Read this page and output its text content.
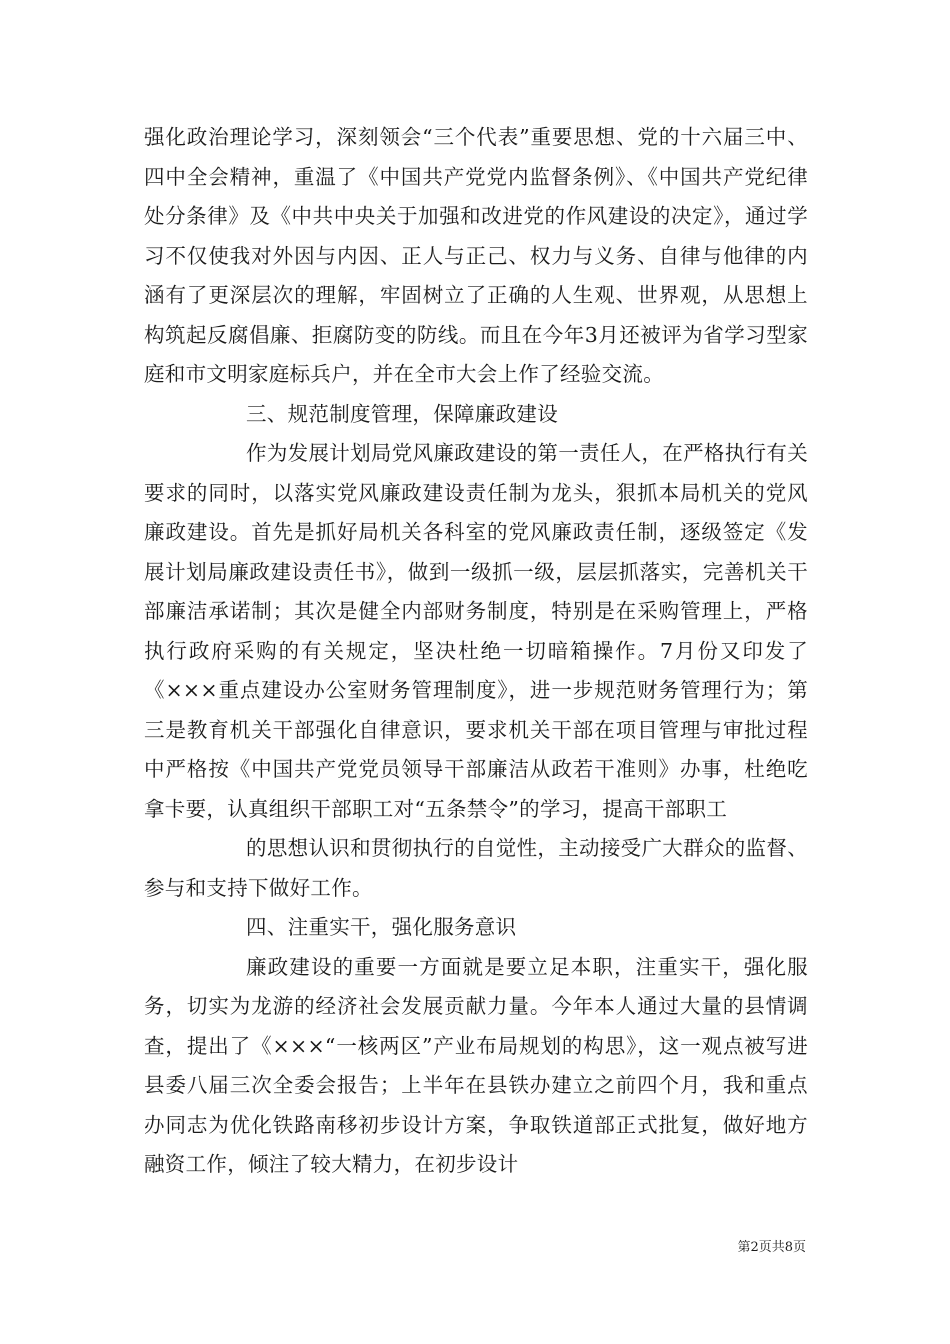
强化政治理论学习，深刻领会“三个代表”重要思想、党的十六届三中、四中全会精神，重温了《中国共产党党内监督条例》、《中国共产党纪律处分条律》及《中共中央关于加强和改进党的作风建设的决定》，通过学习不仅使我对外因与内因、正人与正己、权力与义务、自律与他律的内涵有了更深层次的理解，牢固树立了正确的人生观、世界观，从思想上构筑起反腐倡廉、拒腐防变的防线。而且在今年3月还被评为省学习型家庭和市文明家庭标兵户，并在全市大会上作了经验交流。

三、规范制度管理，保障廉政建设

作为发展计划局党风廉政建设的第一责任人，在严格执行有关要求的同时，以落实党风廉政建设责任制为龙头，狠抓本局机关的党风廉政建设。首先是抓好局机关各科室的党风廉政责任制，逐级签定《发展计划局廉政建设责任书》，做到一级抓一级，层层抓落实，完善机关干部廉洁承诺制；其次是健全内部财务制度，特别是在采购管理上，严格执行政府采购的有关规定，坚决杜绝一切暗箱操作。7月份又印发了《×××重点建设办公室财务管理制度》，进一步规范财务管理行为；第三是教育机关干部强化自律意识，要求机关干部在项目管理与审批过程中严格按《中国共产党党员领导干部廉洁从政若干准则》办事，杜绝吃拿卡要，认真组织干部职工对“五条禁令”的学习，提高干部职工

的思想认识和贯彻执行的自觉性，主动接受广大群众的监督、参与和支持下做好工作。

四、注重实干，强化服务意识

廉政建设的重要一方面就是要立足本职，注重实干，强化服务，切实为龙游的经济社会发展贡献力量。今年本人通过大量的县情调查，提出了《×××“一核两区”产业布局规划的构思》，这一观点被写进县委八届三次全委会报告；上半年在县铁办建立之前四个月，我和重点办同志为优化铁路南移初步设计方案，争取铁道部正式批复，做好地方融资工作，倾注了较大精力，在初步设计

第2页共8页
